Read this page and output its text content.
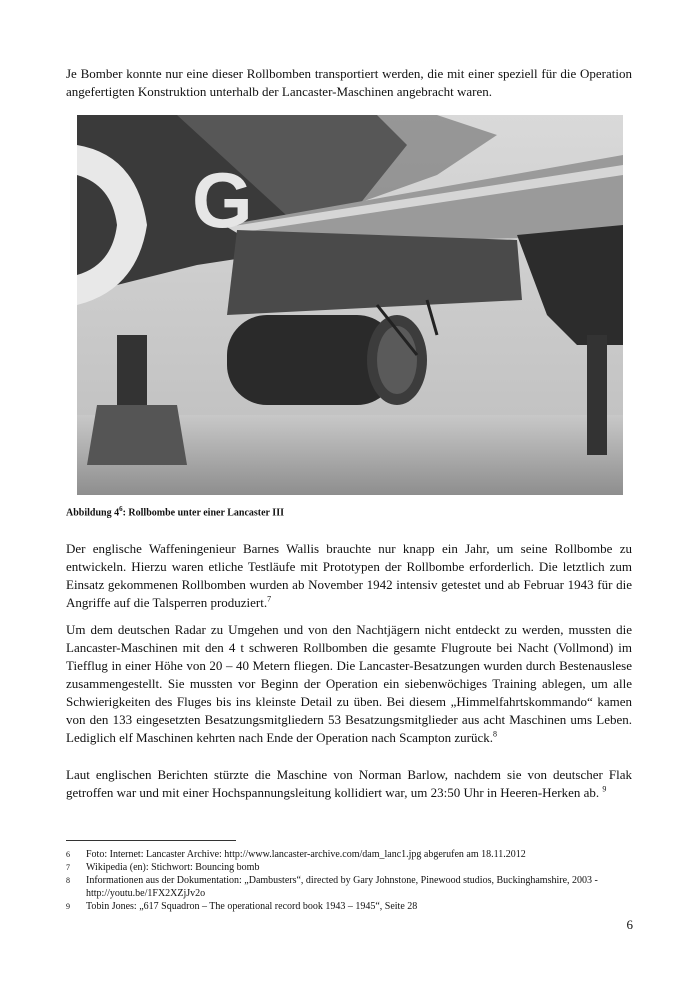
Je Bomber konnte nur eine dieser Rollbomben transportiert werden, die mit einer speziell für die Operation angefertigten Konstruktion unterhalb der Lancaster-Maschinen angebracht waren.

G

Abbildung $4^6$: Rollbombe unter einer Lancaster III

Der englische Waffeningenieur Barnes Wallis brauchte nur knapp ein Jahr, um seine Rollbombe zu entwickeln. Hierzu waren etliche Testläufe mit Prototypen der Rollbombe erforderlich. Die letztlich zum Einsatz gekommenen Rollbomben wurden ab November 1942 intensiv getestet und ab Februar 1943 für die Angriffe auf die Talsperren produziert.$^7$

Um dem deutschen Radar zu Umgehen und von den Nachtjägern nicht entdeckt zu werden, mussten die Lancaster-Maschinen mit den 4 t schweren Rollbomben die gesamte Flugroute bei Nacht (Vollmond) im Tiefflug in einer Höhe von 20 – 40 Metern fliegen. Die Lancaster-Besatzungen wurden durch Bestenauslese zusammengestellt. Sie mussten vor Beginn der Operation ein siebenwöchiges Training ablegen, um alle Schwierigkeiten des Fluges bis ins kleinste Detail zu üben. Bei diesem „Himmelfahrtskommando“ kamen von den 133 eingesetzten Besatzungsmitgliedern 53 Besatzungsmitglieder aus acht Maschinen ums Leben. Lediglich elf Maschinen kehrten nach Ende der Operation nach Scampton zurück.$^8$

Laut englischen Berichten stürzte die Maschine von Norman Barlow, nachdem sie von deutscher Flak getroffen war und mit einer Hochspannungsleitung kollidiert war, um 23:50 Uhr in Heeren-Herken ab. $^9$

6	Foto: Internet: Lancaster Archive: http://www.lancaster-archive.com/dam_lanc1.jpg abgerufen am 18.11.2012
7	Wikipedia (en): Stichwort: Bouncing bomb
8	Informationen aus der Dokumentation: „Dambusters“, directed by Gary Johnstone, Pinewood studios, Buckinghamshire, 2003 - http://youtu.be/1FX2XZjJv2o
9	Tobin Jones: „617 Squadron – The operational record book 1943 – 1945“, Seite 28
6
